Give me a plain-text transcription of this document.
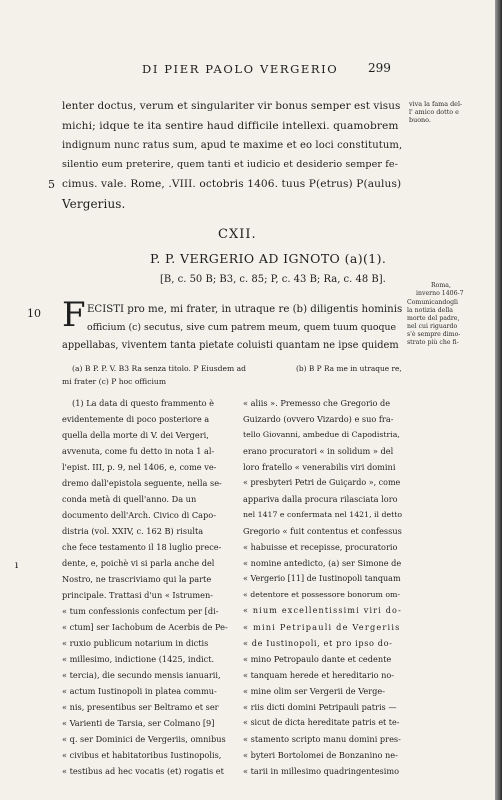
DI PIER PAOLO VERGERIO 299
lenter doctus, verum et singulariter vir bonus semper est visus
michi; idque te ita sentire haud difficile intellexi. quamobrem
indignum nunc ratus sum, apud te maxime et eo loci constitutum,
silentio eum preterire, quem tanti et iudicio et desiderio semper fe-
5 cimus. vale. Rome, .VIII. octobris 1406. tuus P(etrus) P(aulus)
Vergerius.
viva la fama del-
l' amico dotto e
buono.
CXII.
P. P. VERGERIO AD IGNOTO (a)(1).
[B, c. 50 B; B3, c. 85; P, c. 43 B; Ra, c. 48 B].
Roma,
inverno 1406-7
Comunicandogli
la notizia della
morte del padre,
nel cui riguardo
s'è sempre dimo-
strato più che fi-
10 F ECISTI pro me, mi frater, in utraque re (b) diligentis hominis
officium (c) secutus, sive cum patrem meum, quem tuum quoque
appellabas, viventem tanta pietate coluisti quantam ne ipse quidem
(a) B P. P. V. B3 Ra senza titolo. P Eiusdem ad	(b) B P Ra me in utraque re,
mi frater (c) P hoc officium
ı
(1) La data di questo frammento è
evidentemente di poco posteriore a
quella della morte di V. dei Vergeri,
avvenuta, come fu detto in nota 1 al-
l'epist. III, p. 9, nel 1406, e, come ve-
dremo dall'epistola seguente, nella se-
conda metà di quell'anno. Da un
documento dell'Arch. Civico di Capo-
distria (vol. XXIV, c. 162 B) risulta
che fece testamento il 18 luglio prece-
dente, e, poichè vi si parla anche del
Nostro, ne trascriviamo qui la parte
principale. Trattasi d'un « Istrumen-
« tum confessionis confectum per [di-
« ctum] ser Iachobum de Acerbis de Pe-
« ruxio publicum notarium in dictis
« millesimo, indictione (1425, indict.
« tercia), die secundo mensis ianuarii,
« actum Iustinopoli in platea commu-
« nis, presentibus ser Beltramo et ser
« Varienti de Tarsia, ser Colmano [9]
« q. ser Dominici de Vergeriis, omnibus
« civibus et habitatoribus Iustinopolis,
« testibus ad hec vocatis (et) rogatis et
« aliis ». Premesso che Gregorio de
Guizardo (ovvero Vizardo) e suo fra-
tello Giovanni, ambedue di Capodistria,
erano procuratori « in solidum » del
loro fratello « venerabilis viri domini
« presbyteri Petri de Guiçardo », come
appariva dalla procura rilasciata loro
nel 1417 e confermata nel 1421, il detto
Gregorio « fuit contentus et confessus
« habuisse et recepisse, procuratorio
« nomine antedicto, (a) ser Simone de
« Vergerio [11] de Iustinopoli tanquam
« detentore et possessore bonorum om-
« nium excellentissimi viri do-
« mini Petripauli de Vergeriis
« de Iustinopoli, et pro ipso do-
« mino Petropaulo dante et cedente
« tanquam herede et hereditario no-
« mine olim ser Vergerii de Verge-
« riis dicti domini Petripauli patris —
« sicut de dicta hereditate patris et te-
« stamento scripto manu domini pres-
« byteri Bortolomei de Bonzanino ne-
« tarii in millesimo quadringentesimo
